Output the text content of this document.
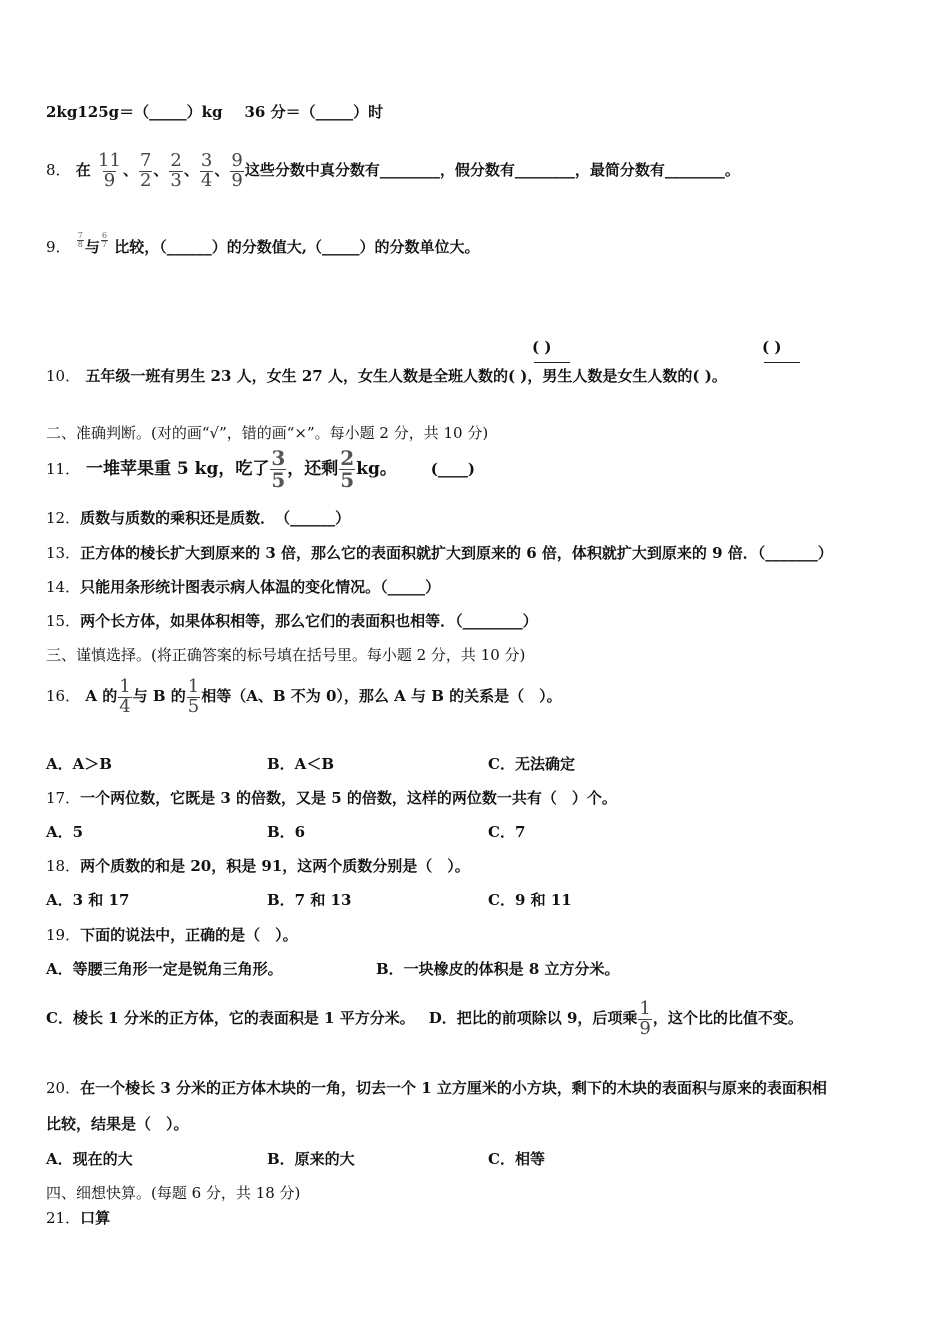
2kg125g＝（_____）kg 36 分＝（_____）时
8． 在 $\frac{11}{9}$ 、 $\frac{7}{2}$ 、 $\frac{2}{3}$ 、 $\frac{3}{4}$ 、 $\frac{9}{9}$ 这些分数中真分数有________，假分数有________，最简分数有________。
9． $\frac{7}{8}$ 与 $\frac{6}{7}$ 比较，（______）的分数值大,（_____）的分数单位大。
( )	( )
10． 五年级一班有男生 23 人，女生 27 人，女生人数是全班人数的( )，男生人数是女生人数的( )。
二、准确判断。(对的画“√”，错的画“×”。每小题 2 分，共 10 分)
11． 一堆苹果重 5 kg，吃了 $\frac{3}{5}$ ，还剩 $\frac{2}{5}$ kg。 (____)
12．质数与质数的乘积还是质数．　（______）
13．正方体的棱长扩大到原来的 3 倍，那么它的表面积就扩大到原来的 6 倍，体积就扩大到原来的 9 倍．（_______）
14．只能用条形统计图表示病人体温的变化情况。（_____）
15．两个长方体，如果体积相等，那么它们的表面积也相等．（________）
三、谨慎选择。(将正确答案的标号填在括号里。每小题 2 分，共 10 分)
16． A 的 $\frac{1}{4}$ 与 B 的 $\frac{1}{5}$ 相等（A、B 不为 0），那么 A 与 B 的关系是（　）。
A．A＞B	B．A＜B	C．无法确定
17．一个两位数，它既是 3 的倍数，又是 5 的倍数，这样的两位数一共有（　）个。
A．5	B．6	C．7
18．两个质数的和是 20，积是 91，这两个质数分别是（　）。
A．3 和 17	B．7 和 13	C．9 和 11
19．下面的说法中，正确的是（　）。
A．等腰三角形一定是锐角三角形。	B．一块橡皮的体积是 8 立方分米。
C．棱长 1 分米的正方体，它的表面积是 1 平方分米。 D．把比的前项除以 9，后项乘 $\frac{1}{9}$ ，这个比的比值不变。
20．在一个棱长 3 分米的正方体木块的一角，切去一个 1 立方厘米的小方块，剩下的木块的表面积与原来的表面积相
比较，结果是（　）。
A．现在的大	B．原来的大	C．相等
四、细想快算。(每题 6 分，共 18 分)
21．口算
